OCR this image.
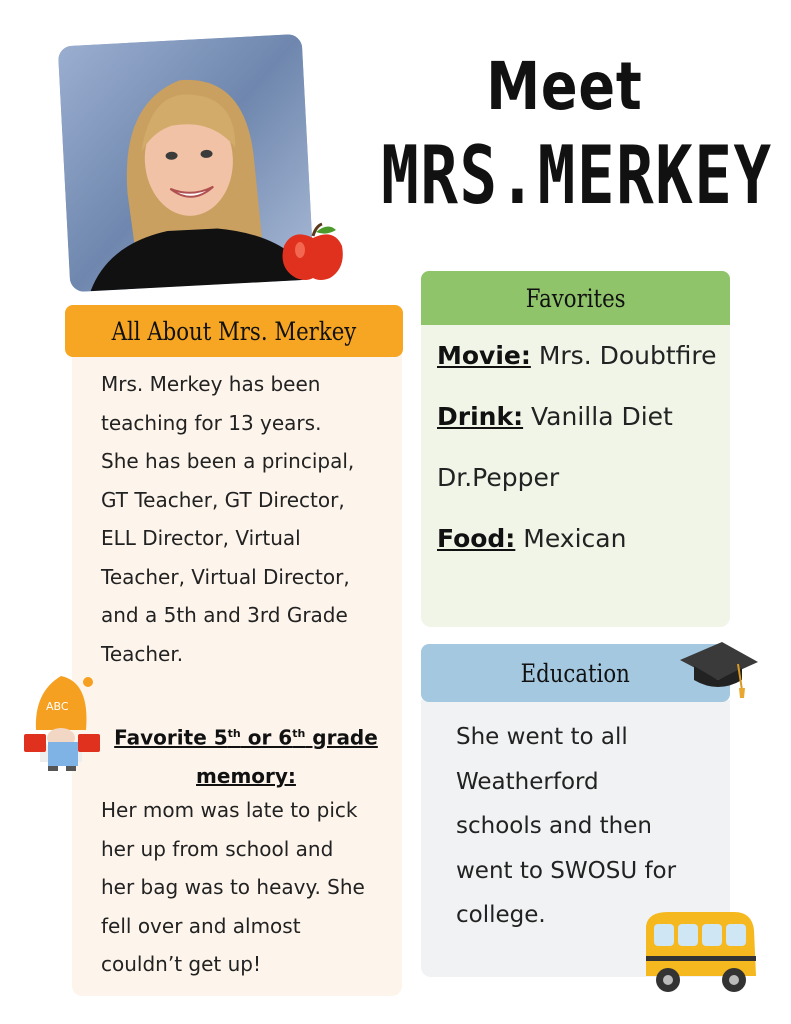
Meet
MRS.MERKEY
All About Mrs. Merkey
Mrs. Merkey has been
teaching for 13 years.
She has been a principal,
GT Teacher, GT Director,
ELL Director, Virtual
Teacher, Virtual Director,
and a 5th and 3rd Grade
Teacher.
ABC
Favorite 5th or 6th grade
memory:
Her mom was late to pick
her up from school and
her bag was to heavy. She
fell over and almost
couldn’t get up!
Favorites
Movie: Mrs. Doubtfire
Drink: Vanilla Diet
Dr.Pepper
Food: Mexican
Education
She went to all
Weatherford
schools and then
went to SWOSU for
college.
